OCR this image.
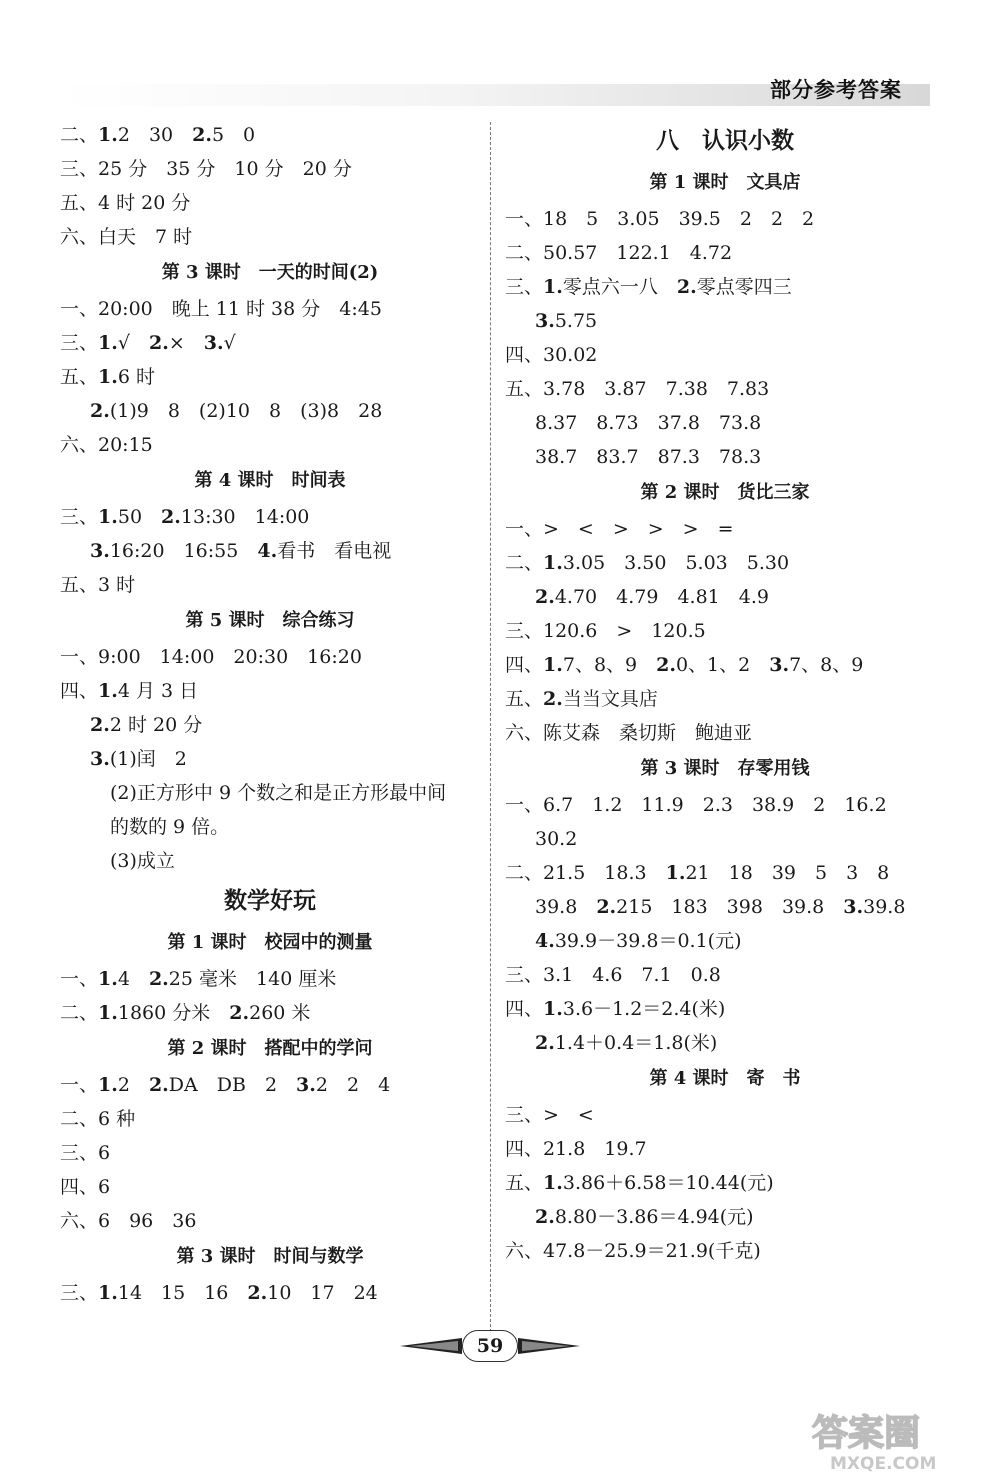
部分参考答案
二、1.2　30　2.5　0
三、25 分　35 分　10 分　20 分
五、4 时 20 分
六、白天　7 时
第 3 课时　一天的时间(2)
一、20:00　晚上 11 时 38 分　4:45
三、1.√　2.×　3.√
五、1.6 时
2.(1)9　8　(2)10　8　(3)8　28
六、20:15
第 4 课时　时间表
三、1.50　2.13:30　14:00
3.16:20　16:55　4.看书　看电视
五、3 时
第 5 课时　综合练习
一、9:00　14:00　20:30　16:20
四、1.4 月 3 日
2.2 时 20 分
3.(1)闰　2
(2)正方形中 9 个数之和是正方形最中间
的数的 9 倍。
(3)成立
数学好玩
第 1 课时　校园中的测量
一、1.4　2.25 毫米　140 厘米
二、1.1860 分米　2.260 米
第 2 课时　搭配中的学问
一、1.2　2.DA　DB　2　3.2　2　4
二、6 种
三、6
四、6
六、6　96　36
第 3 课时　时间与数学
三、1.14　15　16　2.10　17　24
八　认识小数
第 1 课时　文具店
一、18　5　3.05　39.5　2　2　2
二、50.57　122.1　4.72
三、1.零点六一八　2.零点零四三
3.5.75
四、30.02
五、3.78　3.87　7.38　7.83
8.37　8.73　37.8　73.8
38.7　83.7　87.3　78.3
第 2 课时　货比三家
一、>　<　>　>　>　=
二、1.3.05　3.50　5.03　5.30
2.4.70　4.79　4.81　4.9
三、120.6　>　120.5
四、1.7、8、9　2.0、1、2　3.7、8、9
五、2.当当文具店
六、陈艾森　桑切斯　鲍迪亚
第 3 课时　存零用钱
一、6.7　1.2　11.9　2.3　38.9　2　16.2
30.2
二、21.5　18.3　1.21　18　39　5　3　8
39.8　2.215　183　398　39.8　3.39.8
4.39.9－39.8＝0.1(元)
三、3.1　4.6　7.1　0.8
四、1.3.6－1.2＝2.4(米)
2.1.4＋0.4＝1.8(米)
第 4 课时　寄　书
三、>　<
四、21.8　19.7
五、1.3.86＋6.58＝10.44(元)
2.8.80－3.86＝4.94(元)
六、47.8－25.9＝21.9(千克)
59
答案圈
MXQE.COM
